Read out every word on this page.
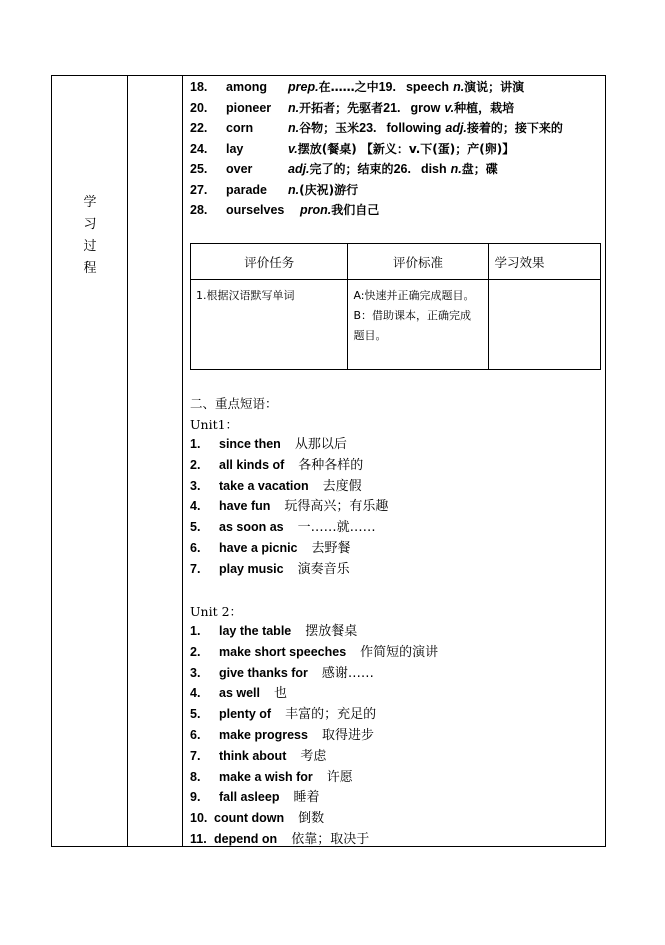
学
习
过
程
18. among prep.在……之中19. speech n.演说；讲演
20. pioneer n.开拓者；先驱者21. grow v.种植，栽培
22. corn	n.谷物；玉米23. following adj.接着的；接下来的
24. lay	v.摆放(餐桌) 【新义：v.下(蛋)；产(卵)】
25. over	adj.完了的；结束的26. dish n.盘；碟
27. parade n.(庆祝)游行
28. ourselves pron.我们自己
评价任务	评价标准	学习效果
1.根据汉语默写单词	A:快速并正确完成题目。
B：借助课本，正确完成
题目。	

二、重点短语：
Unit1：
1. since then 从那以后
2. all kinds of 各种各样的
3. take a vacation 去度假
4. have fun 玩得高兴；有乐趣
5. as soon as 一……就……
6. have a picnic 去野餐
7. play music 演奏音乐
Unit 2：
1. lay the table 摆放餐桌
2. make short speeches 作简短的演讲
3. give thanks for 感谢……
4. as well 也
5. plenty of 丰富的；充足的
6. make progress 取得进步
7. think about 考虑
8. make a wish for 许愿
9. fall asleep 睡着
10. count down 倒数
11. depend on 依靠；取决于
